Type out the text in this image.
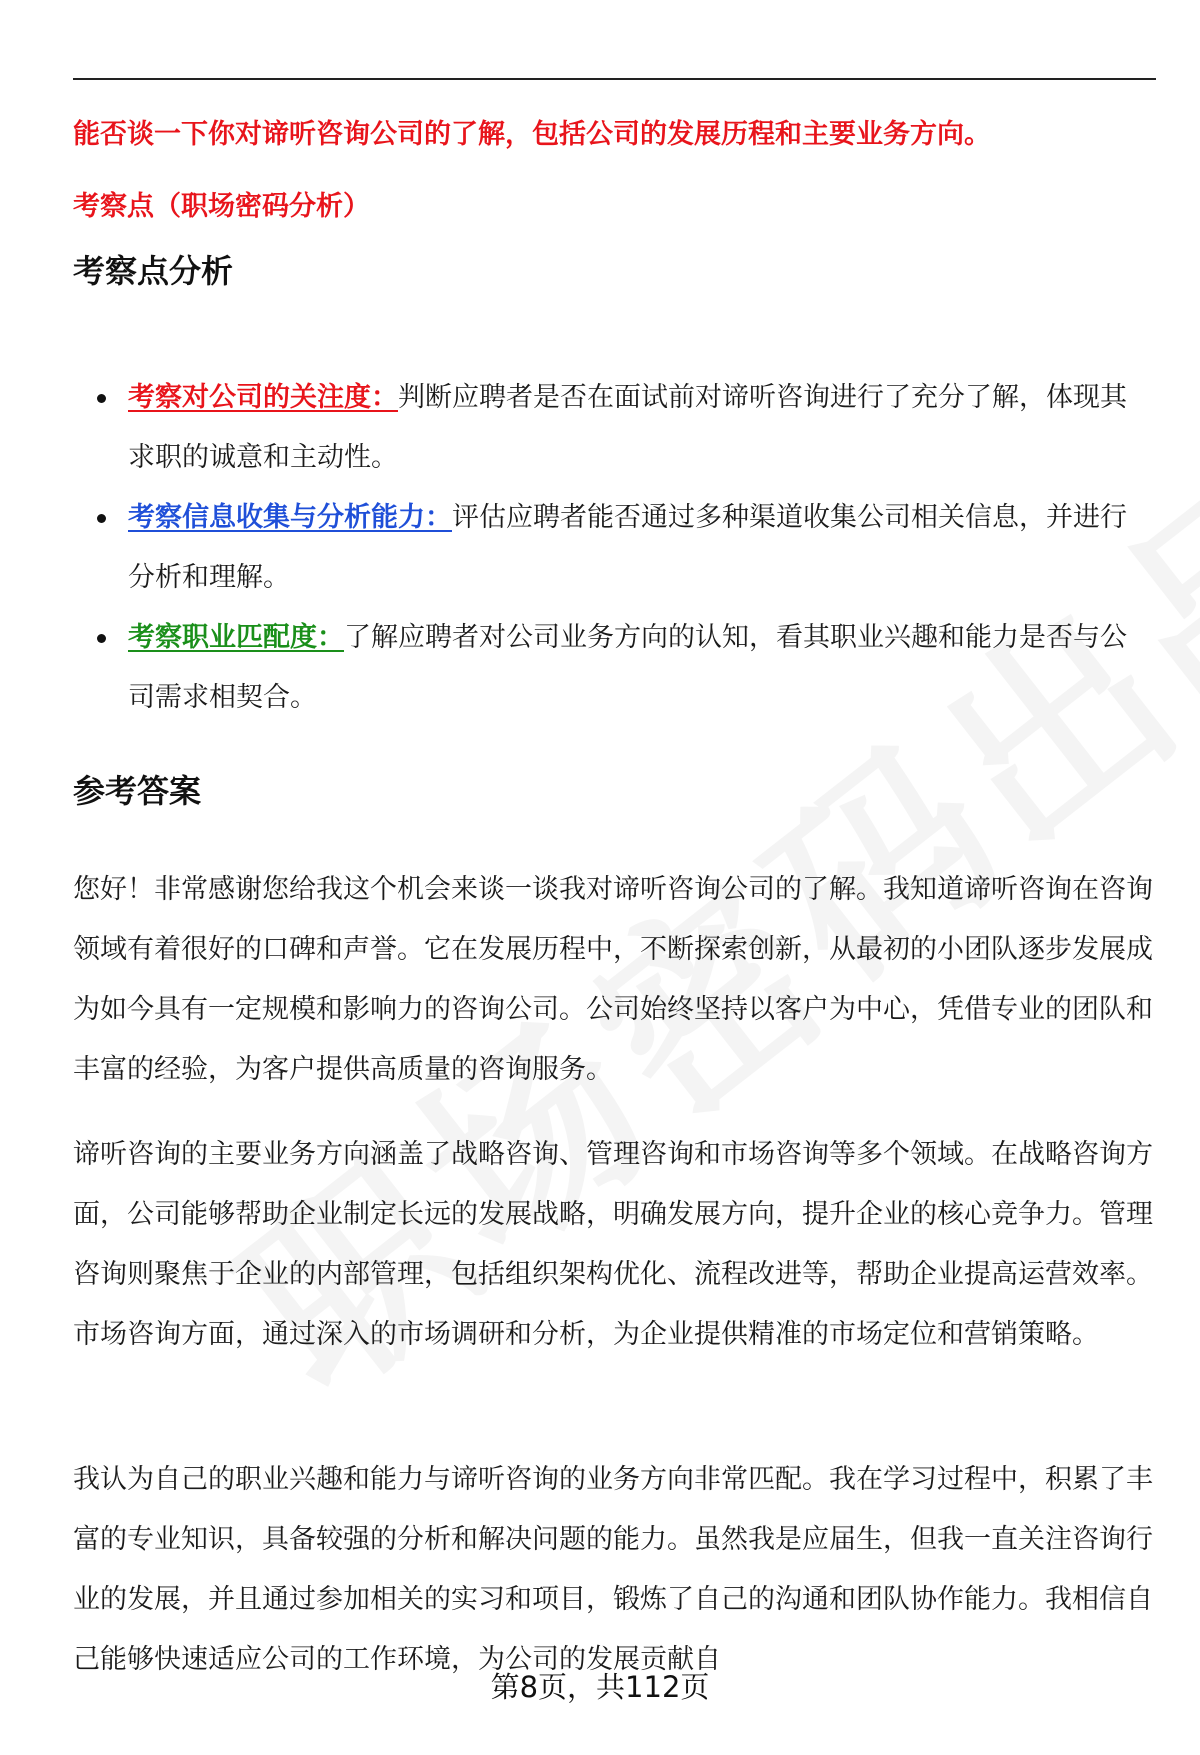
能否谈一下你对谛听咨询公司的了解，包括公司的发展历程和主要业务方向。
考察点（职场密码分析）
考察点分析
考察对公司的关注度：判断应聘者是否在面试前对谛听咨询进行了充分了解，体现其求职的诚意和主动性。
考察信息收集与分析能力：评估应聘者能否通过多种渠道收集公司相关信息，并进行分析和理解。
考察职业匹配度：了解应聘者对公司业务方向的认知，看其职业兴趣和能力是否与公司需求相契合。
参考答案

您好！非常感谢您给我这个机会来谈一谈我对谛听咨询公司的了解。我知道谛听咨询在咨询领域有着很好的口碑和声誉。它在发展历程中，不断探索创新，从最初的小团队逐步发展成为如今具有一定规模和影响力的咨询公司。公司始终坚持以客户为中心，凭借专业的团队和丰富的经验，为客户提供高质量的咨询服务。

谛听咨询的主要业务方向涵盖了战略咨询、管理咨询和市场咨询等多个领域。在战略咨询方面，公司能够帮助企业制定长远的发展战略，明确发展方向，提升企业的核心竞争力。管理咨询则聚焦于企业的内部管理，包括组织架构优化、流程改进等，帮助企业提高运营效率。市场咨询方面，通过深入的市场调研和分析，为企业提供精准的市场定位和营销策略。

我认为自己的职业兴趣和能力与谛听咨询的业务方向非常匹配。我在学习过程中，积累了丰富的专业知识，具备较强的分析和解决问题的能力。虽然我是应届生，但我一直关注咨询行业的发展，并且通过参加相关的实习和项目，锻炼了自己的沟通和团队协作能力。我相信自己能够快速适应公司的工作环境，为公司的发展贡献自

第8页，共112页
